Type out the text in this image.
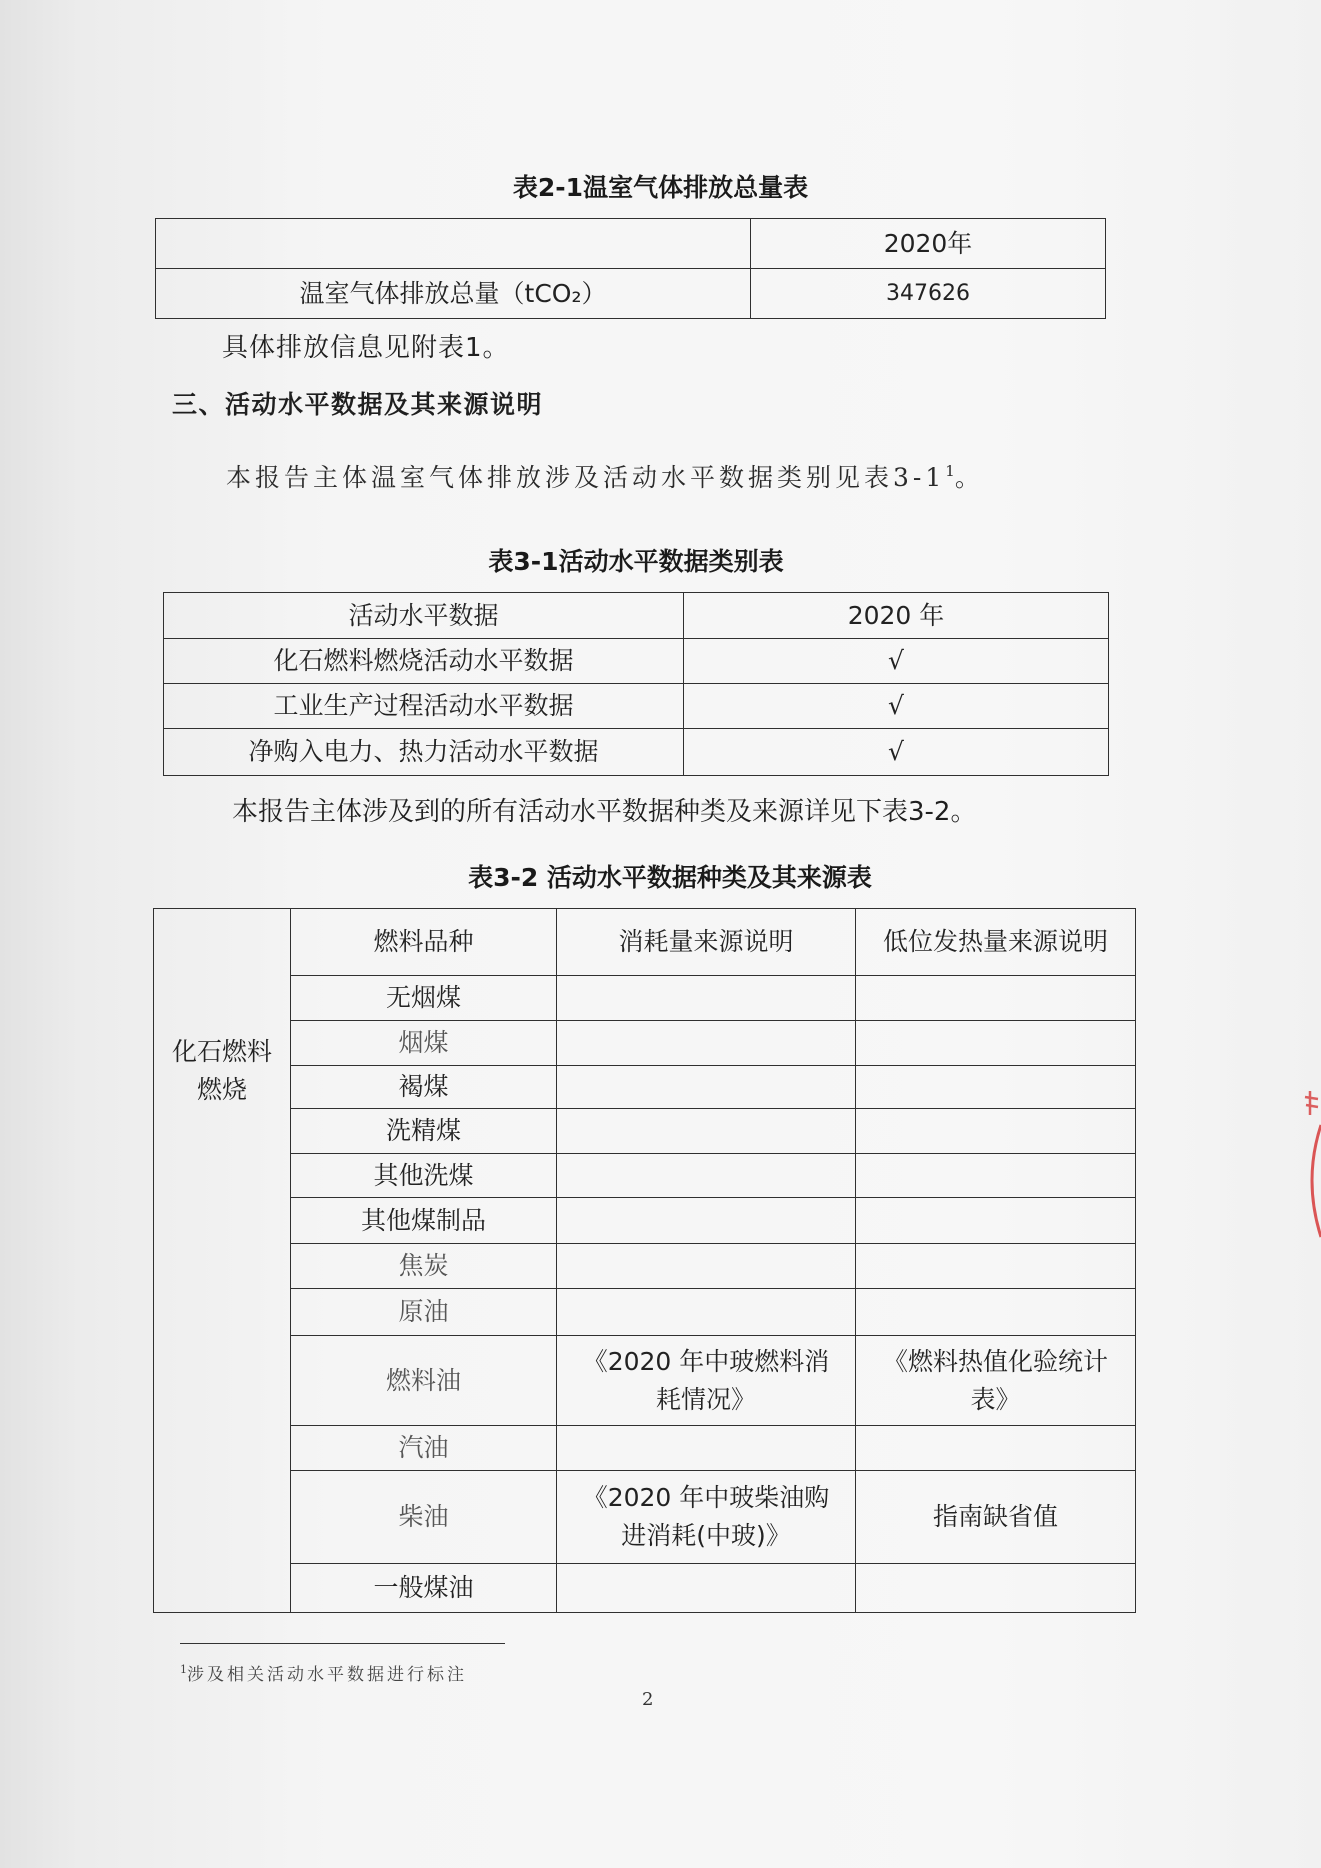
表2-1温室气体排放总量表
	2020年
温室气体排放总量（tCO₂）	347626
具体排放信息见附表1。
三、活动水平数据及其来源说明
本报告主体温室气体排放涉及活动水平数据类别见表$3-1^1$。
表3-1活动水平数据类别表
活动水平数据	2020 年
化石燃料燃烧活动水平数据	√
工业生产过程活动水平数据	√
净购入电力、热力活动水平数据	√
本报告主体涉及到的所有活动水平数据种类及来源详见下表3-2。
表3-2 活动水平数据种类及其来源表
化石燃料燃烧	燃料品种	消耗量来源说明	低位发热量来源说明
	无烟煤		
	烟煤		
	褐煤		
	洗精煤		
	其他洗煤		
	其他煤制品		
	焦炭		
	原油		
	燃料油	《2020 年中玻燃料消耗情况》	《燃料热值化验统计表》
	汽油		
	柴油	《2020 年中玻柴油购进消耗(中玻)》	指南缺省值
	一般煤油		
$^1$涉及相关活动水平数据进行标注
2
